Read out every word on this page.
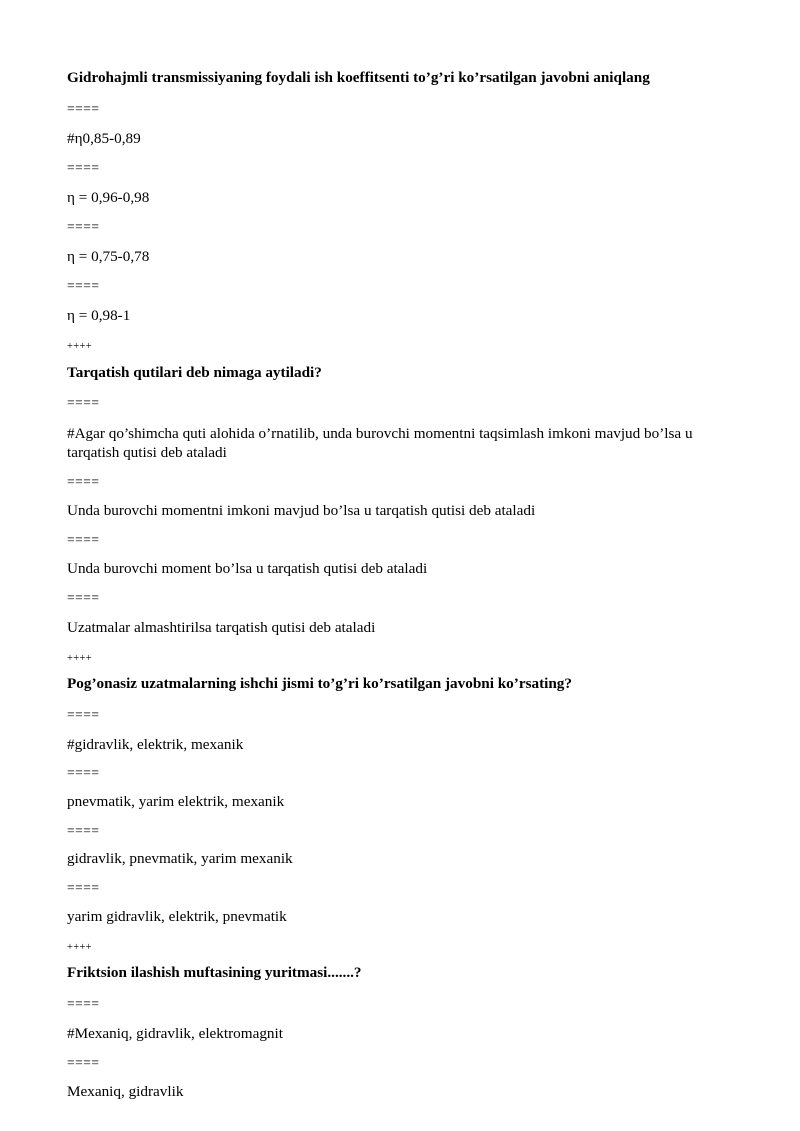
Gidrohajmli transmissiyaning foydali ish koeffitsenti to’g’ri ko’rsatilgan javobni aniqlang
====
#η0,85-0,89
====
η = 0,96-0,98
====
η = 0,75-0,78
====
η = 0,98-1
++++
Tarqatish qutilari deb nimaga aytiladi?
====
#Agar qo’shimcha quti alohida o’rnatilib, unda burovchi momentni taqsimlash imkoni mavjud bo’lsa u tarqatish qutisi deb ataladi
====
Unda burovchi momentni imkoni mavjud bo’lsa u tarqatish qutisi deb ataladi
====
Unda burovchi moment bo’lsa u tarqatish qutisi deb ataladi
====
Uzatmalar almashtirilsa tarqatish qutisi deb ataladi
++++
Pog’onasiz uzatmalarning ishchi jismi to’g’ri ko’rsatilgan javobni ko’rsating?
====
#gidravlik, elektrik, mexanik
====
pnevmatik, yarim elektrik, mexanik
====
gidravlik, pnevmatik, yarim mexanik
====
yarim gidravlik, elektrik, pnevmatik
++++
Friktsion ilashish muftasining yuritmasi.......?
====
#Mexaniq, gidravlik, elektromagnit
====
Mexaniq, gidravlik
